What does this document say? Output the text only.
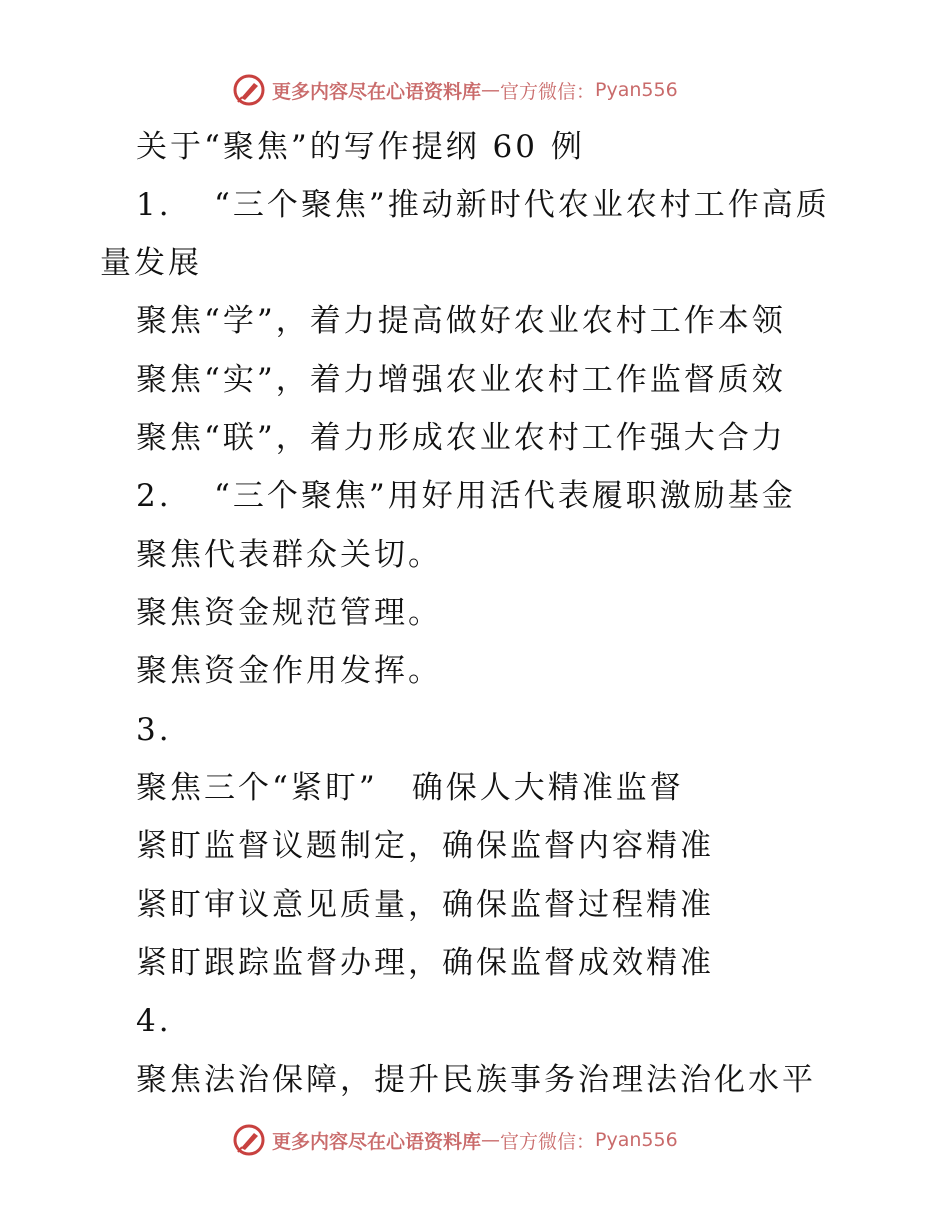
更多内容尽在心语资料库 — 官方微信： Pyan556
关于“聚焦”的写作提纲 60 例
1. “三个聚焦”推动新时代农业农村工作高质
量发展
聚焦“学”，着力提高做好农业农村工作本领
聚焦“实”，着力增强农业农村工作监督质效
聚焦“联”，着力形成农业农村工作强大合力
2. “三个聚焦”用好用活代表履职激励基金
聚焦代表群众关切。
聚焦资金规范管理。
聚焦资金作用发挥。
3.
聚焦三个“紧盯”　确保人大精准监督
紧盯监督议题制定，确保监督内容精准
紧盯审议意见质量，确保监督过程精准
紧盯跟踪监督办理，确保监督成效精准
4.
聚焦法治保障，提升民族事务治理法治化水平
更多内容尽在心语资料库 — 官方微信： Pyan556
